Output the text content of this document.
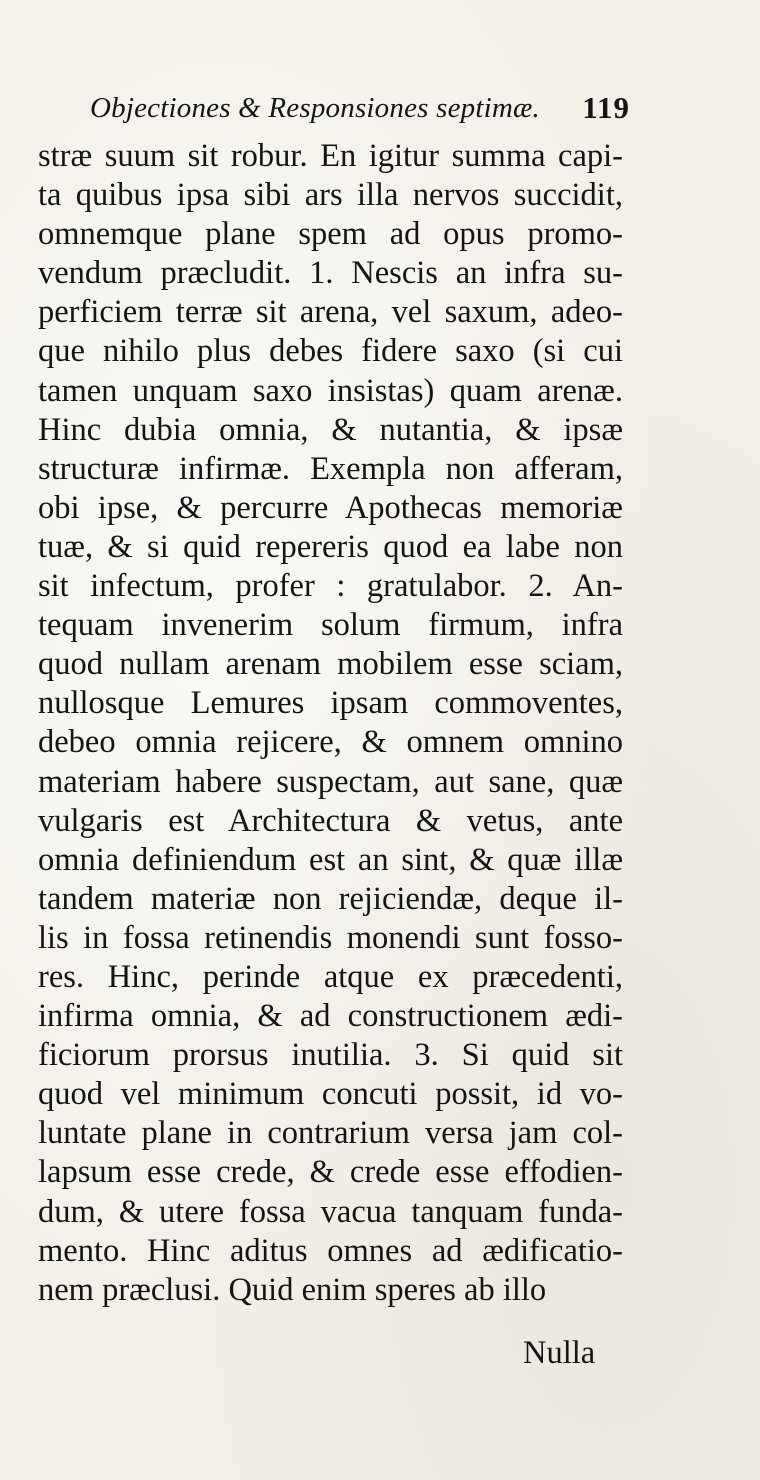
Objectiones & Responsiones septimæ. 119
stræ suum sit robur. En igitur summa capi-
ta quibus ipsa sibi ars illa nervos succidit,
omnemque plane spem ad opus promo-
vendum præcludit. 1. Nescis an infra su-
perficiem terræ sit arena, vel saxum, adeo-
que nihilo plus debes fidere saxo (si cui
tamen unquam saxo insistas) quam arenæ.
Hinc dubia omnia, & nutantia, & ipsæ
structuræ infirmæ. Exempla non afferam,
obi ipse, & percurre Apothecas memoriæ
tuæ, & si quid repereris quod ea labe non
sit infectum, profer : gratulabor. 2. An-
tequam invenerim solum firmum, infra
quod nullam arenam mobilem esse sciam,
nullosque Lemures ipsam commoventes,
debeo omnia rejicere, & omnem omnino
materiam habere suspectam, aut sane, quæ
vulgaris est Architectura & vetus, ante
omnia definiendum est an sint, & quæ illæ
tandem materiæ non rejiciendæ, deque il-
lis in fossa retinendis monendi sunt fosso-
res. Hinc, perinde atque ex præcedenti,
infirma omnia, & ad constructionem ædi-
ficiorum prorsus inutilia. 3. Si quid sit
quod vel minimum concuti possit, id vo-
luntate plane in contrarium versa jam col-
lapsum esse crede, & crede esse effodien-
dum, & utere fossa vacua tanquam funda-
mento. Hinc aditus omnes ad ædificatio-
nem præclusi. Quid enim speres ab illo
Nulla
